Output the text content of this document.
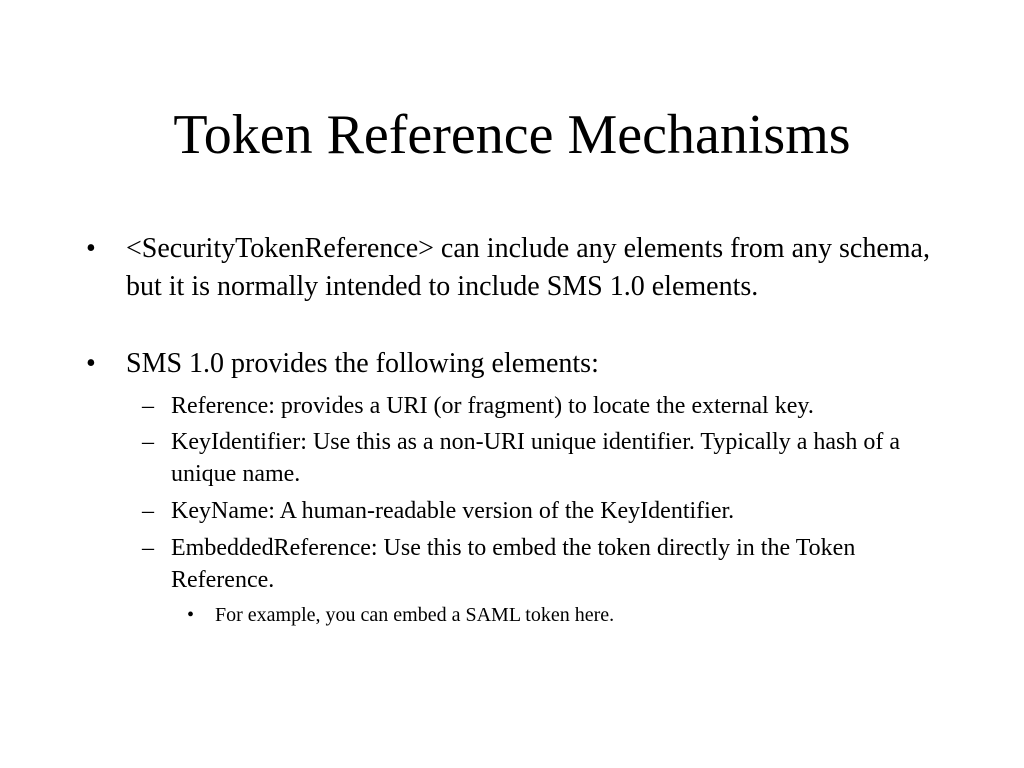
Token Reference Mechanisms
• <SecurityTokenReference> can include any elements from any schema, but it is normally intended to include SMS 1.0 elements.
• SMS 1.0 provides the following elements:
– Reference: provides a URI (or fragment) to locate the external key.
– KeyIdentifier: Use this as a non-URI unique identifier. Typically a hash of a unique name.
– KeyName: A human-readable version of the KeyIdentifier.
– EmbeddedReference: Use this to embed the token directly in the Token Reference.
• For example, you can embed a SAML token here.
